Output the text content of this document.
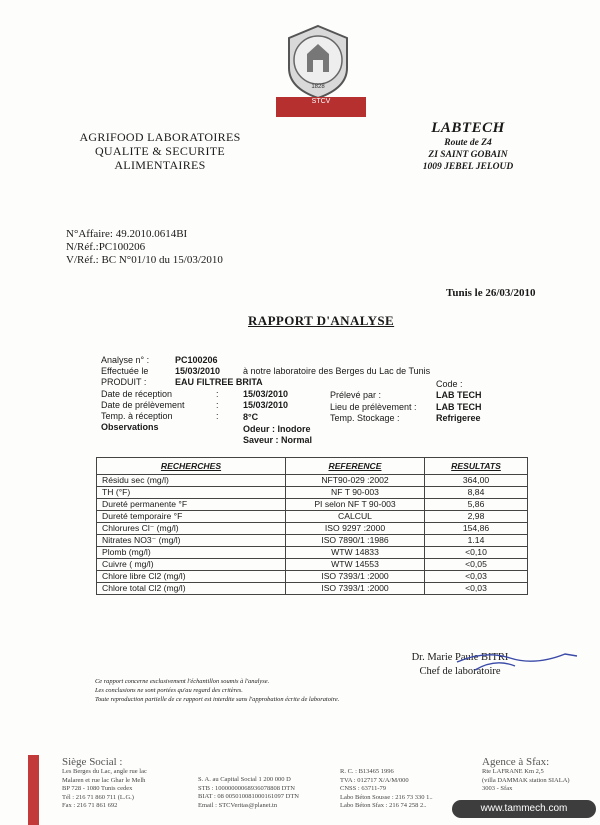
1828
STCV
AGRIFOOD LABORATOIRES
QUALITE & SECURITE
ALIMENTAIRES
LABTECH
Route de Z4
ZI SAINT GOBAIN
1009 JEBEL JELOUD
N°Affaire: 49.2010.0614BI
N/Réf.:PC100206
V/Réf.: BC N°01/10 du 15/03/2010
Tunis le 26/03/2010
RAPPORT D'ANALYSE
Analyse n° :	PC100206
Effectuée le	15/03/2010	à notre laboratoire des Berges du Lac de Tunis
PRODUIT :	EAU FILTREE BRITA	Code :
Date de réception	:	15/03/2010	Prélevé par :	LAB TECH
Date de prélèvement	:	15/03/2010	Lieu de prélèvement : LAB TECH
Temp. à réception	:	8°C	Temp. Stockage :	Refrigeree
Observations	Odeur : Inodore
Saveur : Normal
RECHERCHES	REFERENCE	RESULTATS
Résidu sec (mg/l)	NFT90-029 :2002	364,00
TH (°F)	NF T 90-003	8,84
Dureté permanente °F	PI selon NF T 90-003	5,86
Dureté temporaire °F	CALCUL	2,98
Chlorures Cl⁻ (mg/l)	ISO 9297 :2000	154,86
Nitrates NO3⁻ (mg/l)	ISO 7890/1 :1986	1.14
Plomb (mg/l)	WTW 14833	<0,10
Cuivre ( mg/l)	WTW 14553	<0,05
Chlore libre Cl2 (mg/l)	ISO 7393/1 :2000	<0,03
Chlore total Cl2 (mg/l)	ISO 7393/1 :2000	<0,03
Dr. Marie Paule BITRI
Chef de laboratoire
Ce rapport concerne exclusivement l'échantillon soumis à l'analyse.
Les conclusions ne sont portées qu'au regard des critères.
Toute reproduction partielle de ce rapport est interdite sans l'approbation écrite de laboratoire.
Siège Social :
Les Berges du Lac, angle rue lac
Malaren et rue lac Ghar le Melh
BP 728 - 1080 Tunis cedex
Tél : 216 71 860 711 (L.G.)
Fax : 216 71 861 692
S. A. au Capital Social 1 200 000 D
STB : 10000000068936078808 DTN
BIAT : 08 005010081000161097 DTN
Email : STCVeritas@planet.tn
R. C. : B13465 1996
TVA : 012717 X/A/M/000
CNSS : 63711-79
Labo Béton Sousse : 216 73 330 1..
Labo Béton Sfax : 216 74 258 2..
Agence à Sfax:
Rte LAFRANE Km 2,5
(villa DAMMAK station SIALA)
3003 - Sfax
www.tammech.com
